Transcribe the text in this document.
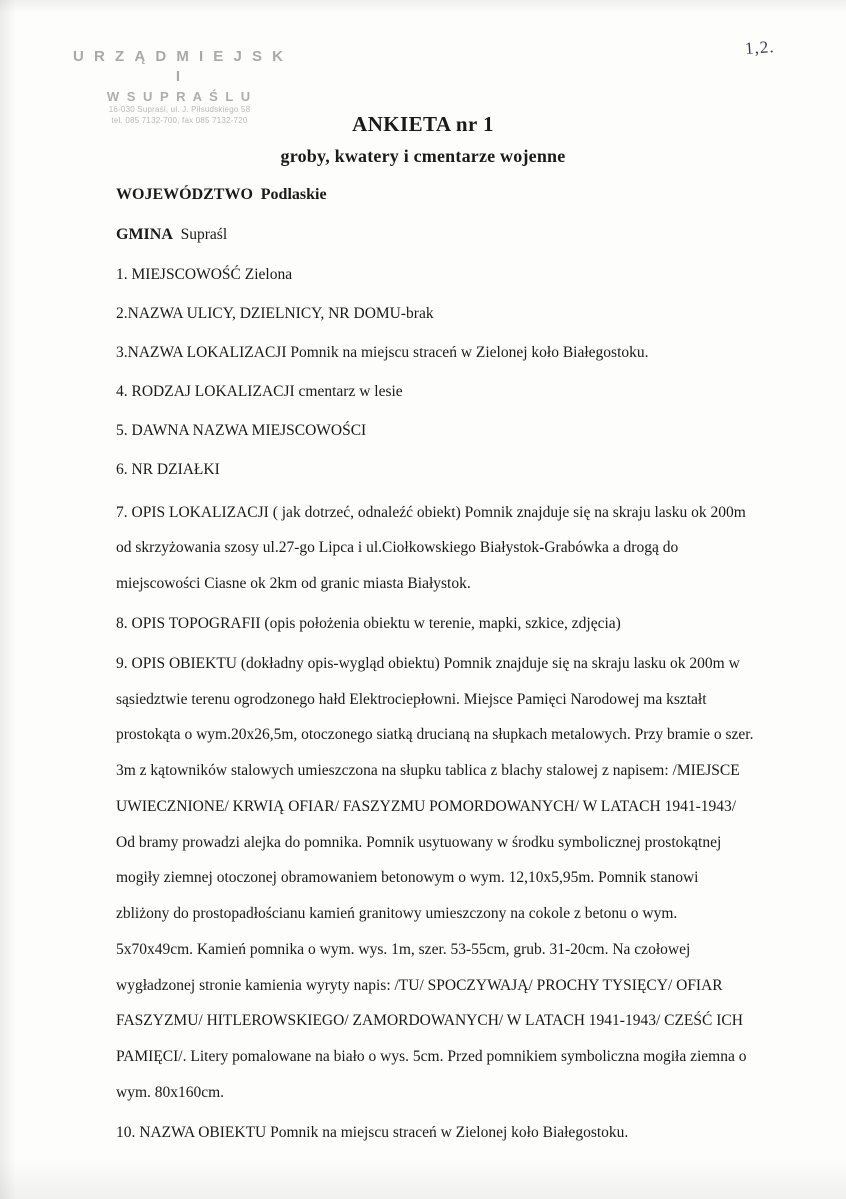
U R Z Ą D M I E J S K I
W S U P R A Ś L U
16-030 Supraśl, ul. J. Piłsudskiego 58
tel. 085 7132-700, fax 085 7132-720
1,2.
ANKIETA nr 1
groby, kwatery i cmentarze wojenne
WOJEWÓDZTWO Podlaskie
GMINA Supraśl
1. MIEJSCOWOŚĆ Zielona
2.NAZWA ULICY, DZIELNICY, NR DOMU-brak
3.NAZWA LOKALIZACJI Pomnik na miejscu straceń w Zielonej koło Białegostoku.
4. RODZAJ LOKALIZACJI cmentarz w lesie
5. DAWNA NAZWA MIEJSCOWOŚCI
6. NR DZIAŁKI
7. OPIS LOKALIZACJI ( jak dotrzeć, odnaleźć obiekt) Pomnik znajduje się na skraju lasku ok 200m
od skrzyżowania szosy ul.27-go Lipca i ul.Ciołkowskiego Białystok-Grabówka a drogą do
miejscowości Ciasne ok 2km od granic miasta Białystok.
8. OPIS TOPOGRAFII (opis położenia obiektu w terenie, mapki, szkice, zdjęcia)
9. OPIS OBIEKTU (dokładny opis-wygląd obiektu) Pomnik znajduje się na skraju lasku ok 200m w
sąsiedztwie terenu ogrodzonego hałd Elektrociepłowni. Miejsce Pamięci Narodowej ma kształt
prostokąta o wym.20x26,5m, otoczonego siatką drucianą na słupkach metalowych. Przy bramie o szer.
3m z kątowników stalowych umieszczona na słupku tablica z blachy stalowej z napisem: /MIEJSCE
UWIECZNIONE/ KRWIĄ OFIAR/ FASZYZMU POMORDOWANYCH/ W LATACH 1941-1943/
Od bramy prowadzi alejka do pomnika. Pomnik usytuowany w środku symbolicznej prostokątnej
mogiły ziemnej otoczonej obramowaniem betonowym o wym. 12,10x5,95m. Pomnik stanowi
zbliżony do prostopadłościanu kamień granitowy umieszczony na cokole z betonu o wym.
5x70x49cm. Kamień pomnika o wym. wys. 1m, szer. 53-55cm, grub. 31-20cm. Na czołowej
wygładzonej stronie kamienia wyryty napis: /TU/ SPOCZYWAJĄ/ PROCHY TYSIĘCY/ OFIAR
FASZYZMU/ HITLEROWSKIEGO/ ZAMORDOWANYCH/ W LATACH 1941-1943/ CZEŚĆ ICH
PAMIĘCI/. Litery pomalowane na biało o wys. 5cm. Przed pomnikiem symboliczna mogiła ziemna o
wym. 80x160cm.
10. NAZWA OBIEKTU Pomnik na miejscu straceń w Zielonej koło Białegostoku.
